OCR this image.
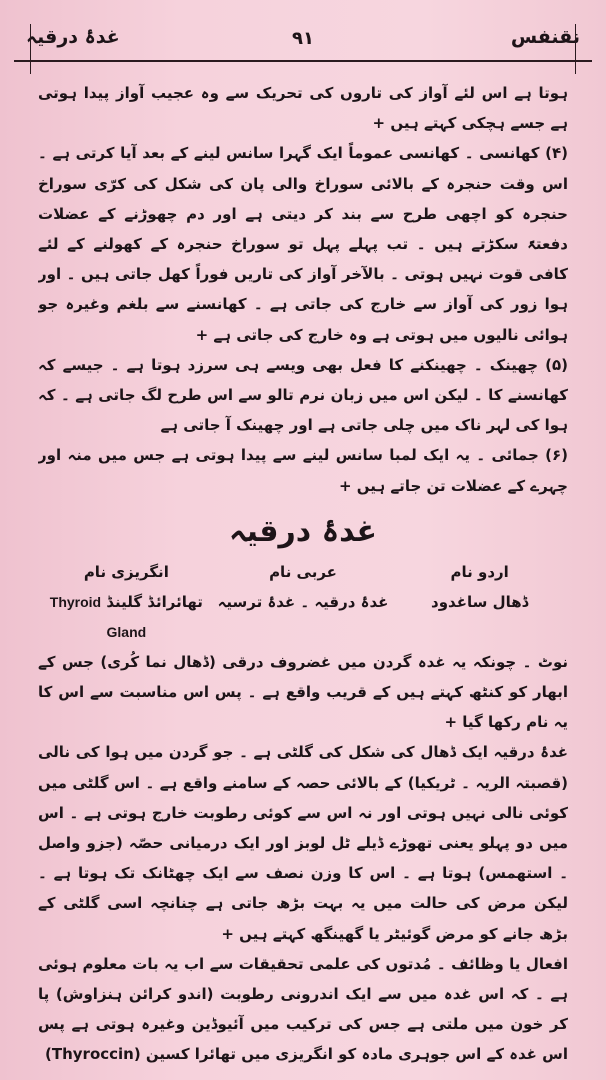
نقنفس
۹۱
غدۂ درقیہ

ہوتا ہے اس لئے آواز کی تاروں کی تحریک سے وہ عجیب آواز پیدا ہوتی ہے جسے ہچکی کہتے ہیں +

(۴) کھانسی ۔ کھانسی عموماً ایک گہرا سانس لینے کے بعد آیا کرتی ہے ۔ اس وقت حنجرہ کے بالائی سوراخ والی پان کی شکل کی کرّی سوراخ حنجرہ کو اچھی طرح سے بند کر دیتی ہے اور دم چھوڑنے کے عضلات دفعتہً سکڑتے ہیں ۔ تب پہلے پہل تو سوراخ حنجرہ کے کھولنے کے لئے کافی قوت نہیں ہوتی ۔ بالآخر آواز کی تاریں فوراً کھل جاتی ہیں ۔ اور ہوا زور کی آواز سے خارج کی جاتی ہے ۔ کھانسنے سے بلغم وغیرہ جو ہوائی نالیوں میں ہوتی ہے وہ خارج کی جاتی ہے +

(۵) چھینک ۔ چھینکنے کا فعل بھی ویسے ہی سرزد ہوتا ہے ۔ جیسے کہ کھانسنے کا ۔ لیکن اس میں زبان نرم تالو سے اس طرح لگ جاتی ہے ۔ کہ ہوا کی لہر ناک میں چلی جاتی ہے اور چھینک آ جاتی ہے

(۶) جمائی ۔ یہ ایک لمبا سانس لینے سے پیدا ہوتی ہے جس میں منہ اور چہرے کے عضلات تن جاتے ہیں +

غدۂ درقیہ
اردو نام
عربی نام
انگریزی نام
ڈھال ساغدود
غدۂ درقیہ ۔ غدۂ ترسیہ
تھائرائڈ گلینڈ Thyroid Gland

نوٹ ۔ چونکہ یہ غدہ گردن میں غضروف درقی (ڈھال نما کُری) جس کے ابھار کو کنٹھ کہتے ہیں کے قریب واقع ہے ۔ پس اس مناسبت سے اس کا یہ نام رکھا گیا +

غدۂ درقیہ ایک ڈھال کی شکل کی گلٹی ہے ۔ جو گردن میں ہوا کی نالی (قصبتہ الریہ ۔ ٹریکیا) کے بالائی حصہ کے سامنے واقع ہے ۔ اس گلٹی میں کوئی نالی نہیں ہوتی اور نہ اس سے کوئی رطوبت خارج ہوتی ہے ۔ اس میں دو پہلو یعنی تھوڑے ڈیلے ٹل لوبز اور ایک درمیانی حصّہ (جزو واصل ۔ استھمس) ہوتا ہے ۔ اس کا وزن نصف سے ایک چھٹانک تک ہوتا ہے ۔ لیکن مرض کی حالت میں یہ بہت بڑھ جاتی ہے چنانچہ اسی گلٹی کے بڑھ جانے کو مرض گوئیٹر یا گھینگھ کہتے ہیں +

افعال یا وظائف ۔ مُدتوں کی علمی تحقیقات سے اب یہ بات معلوم ہوئی ہے ۔ کہ اس غدہ میں سے ایک اندرونی رطوبت (اندو کرائن ہنزاوش) پا کر خون میں ملتی ہے جس کی ترکیب میں آئیوڈین وغیرہ ہوتی ہے پس اس غدہ کے اس جوہری مادہ کو انگریزی میں تھائرا کسین (Thyroccin)
